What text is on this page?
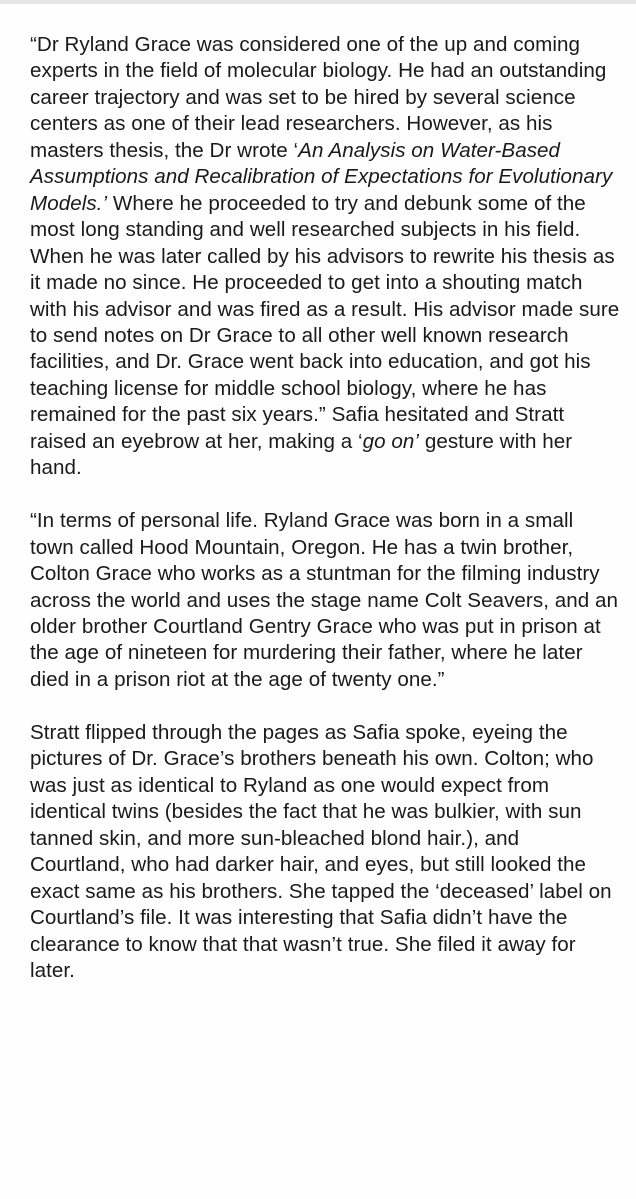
“Dr Ryland Grace was considered one of the up and coming experts in the field of molecular biology. He had an outstanding career trajectory and was set to be hired by several science centers as one of their lead researchers. However, as his masters thesis, the Dr wrote ‘An Analysis on Water-Based Assumptions and Recalibration of Expectations for Evolutionary Models.’ Where he proceeded to try and debunk some of the most long standing and well researched subjects in his field. When he was later called by his advisors to rewrite his thesis as it made no since. He proceeded to get into a shouting match with his advisor and was fired as a result. His advisor made sure to send notes on Dr Grace to all other well known research facilities, and Dr. Grace went back into education, and got his teaching license for middle school biology, where he has remained for the past six years.” Safia hesitated and Stratt raised an eyebrow at her, making a ‘go on’ gesture with her hand.

“In terms of personal life. Ryland Grace was born in a small town called Hood Mountain, Oregon. He has a twin brother, Colton Grace who works as a stuntman for the filming industry across the world and uses the stage name Colt Seavers, and an older brother Courtland Gentry Grace who was put in prison at the age of nineteen for murdering their father, where he later died in a prison riot at the age of twenty one.”

Stratt flipped through the pages as Safia spoke, eyeing the pictures of Dr. Grace’s brothers beneath his own. Colton; who was just as identical to Ryland as one would expect from identical twins (besides the fact that he was bulkier, with sun tanned skin, and more sun-bleached blond hair.), and Courtland, who had darker hair, and eyes, but still looked the exact same as his brothers. She tapped the ‘deceased’ label on Courtland’s file. It was interesting that Safia didn’t have the clearance to know that that wasn’t true. She filed it away for later.
